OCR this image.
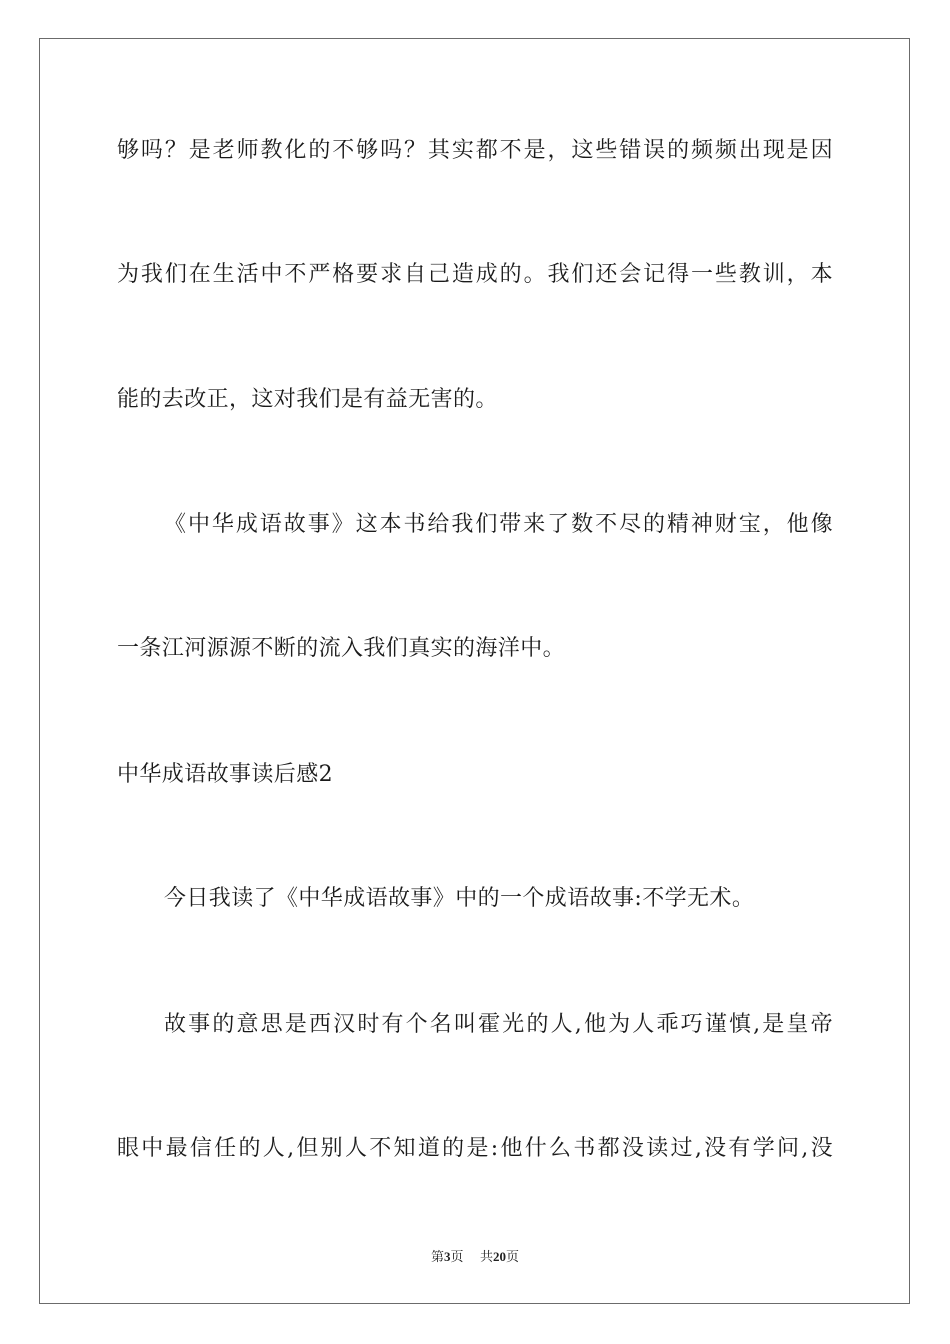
够吗？是老师教化的不够吗？其实都不是，这些错误的频频出现是因
为我们在生活中不严格要求自己造成的。我们还会记得一些教训，本
能的去改正，这对我们是有益无害的。
《中华成语故事》这本书给我们带来了数不尽的精神财宝，他像
一条江河源源不断的流入我们真实的海洋中。
中华成语故事读后感2
今日我读了《中华成语故事》中的一个成语故事:不学无术。
故事的意思是西汉时有个名叫霍光的人,他为人乖巧谨慎,是皇帝
眼中最信任的人,但别人不知道的是:他什么书都没读过,没有学问,没
第3页 共20页
